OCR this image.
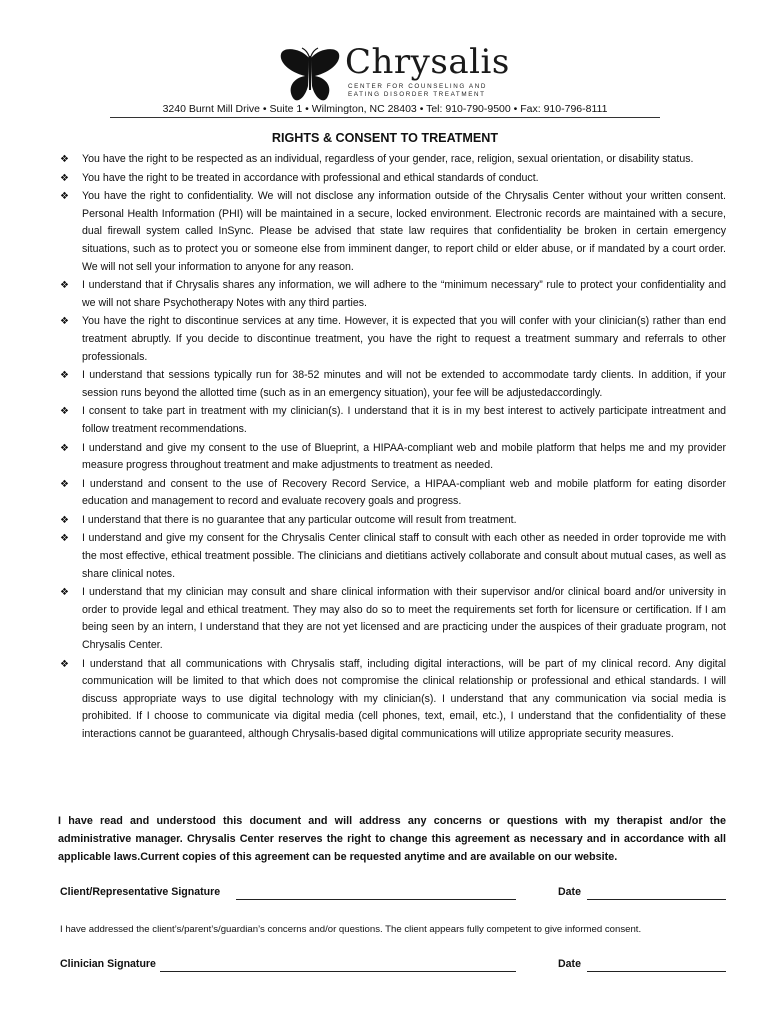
Chrysalis
CENTER FOR COUNSELING AND
EATING DISORDER TREATMENT
3240 Burnt Mill Drive • Suite 1 • Wilmington, NC 28403 • Tel: 910-790-9500 • Fax: 910-796-8111
RIGHTS & CONSENT TO TREATMENT
❖ You have the right to be respected as an individual, regardless of your gender, race, religion, sexual orientation, or disability status.
❖ You have the right to be treated in accordance with professional and ethical standards of conduct.
❖ You have the right to confidentiality. We will not disclose any information outside of the Chrysalis Center without your written consent. Personal Health Information (PHI) will be maintained in a secure, locked environment. Electronic records are maintained with a secure, dual firewall system called InSync. Please be advised that state law requires that confidentiality be broken in certain emergency situations, such as to protect you or someone else from imminent danger, to report child or elder abuse, or if mandated by a court order. We will not sell your information to anyone for any reason.
❖ I understand that if Chrysalis shares any information, we will adhere to the “minimum necessary” rule to protect your confidentiality and we will not share Psychotherapy Notes with any third parties.
❖ You have the right to discontinue services at any time. However, it is expected that you will confer with your clinician(s) rather than end treatment abruptly. If you decide to discontinue treatment, you have the right to request a treatment summary and referrals to other professionals.
❖ I understand that sessions typically run for 38-52 minutes and will not be extended to accommodate tardy clients. In addition, if your session runs beyond the allotted time (such as in an emergency situation), your fee will be adjustedaccordingly.
❖ I consent to take part in treatment with my clinician(s). I understand that it is in my best interest to actively participate intreatment and follow treatment recommendations.
❖ I understand and give my consent to the use of Blueprint, a HIPAA-compliant web and mobile platform that helps me and my provider measure progress throughout treatment and make adjustments to treatment as needed.
❖ I understand and consent to the use of Recovery Record Service, a HIPAA-compliant web and mobile platform for eating disorder education and management to record and evaluate recovery goals and progress.
❖ I understand that there is no guarantee that any particular outcome will result from treatment.
❖ I understand and give my consent for the Chrysalis Center clinical staff to consult with each other as needed in order toprovide me with the most effective, ethical treatment possible. The clinicians and dietitians actively collaborate and consult about mutual cases, as well as share clinical notes.
❖ I understand that my clinician may consult and share clinical information with their supervisor and/or clinical board and/or university in order to provide legal and ethical treatment. They may also do so to meet the requirements set forth for licensure or certification. If I am being seen by an intern, I understand that they are not yet licensed and are practicing under the auspices of their graduate program, not Chrysalis Center.
❖ I understand that all communications with Chrysalis staff, including digital interactions, will be part of my clinical record. Any digital communication will be limited to that which does not compromise the clinical relationship or professional and ethical standards. I will discuss appropriate ways to use digital technology with my clinician(s). I understand that any communication via social media is prohibited. If I choose to communicate via digital media (cell phones, text, email, etc.), I understand that the confidentiality of these interactions cannot be guaranteed, although Chrysalis-based digital communications will utilize appropriate security measures.
I have read and understood this document and will address any concerns or questions with my therapist and/or the administrative manager. Chrysalis Center reserves the right to change this agreement as necessary and in accordance with all applicable laws.Current copies of this agreement can be requested anytime and are available on our website.
Client/Representative Signature	Date
I have addressed the client’s/parent’s/guardian’s concerns and/or questions. The client appears fully competent to give informed consent.
Clinician Signature	Date
